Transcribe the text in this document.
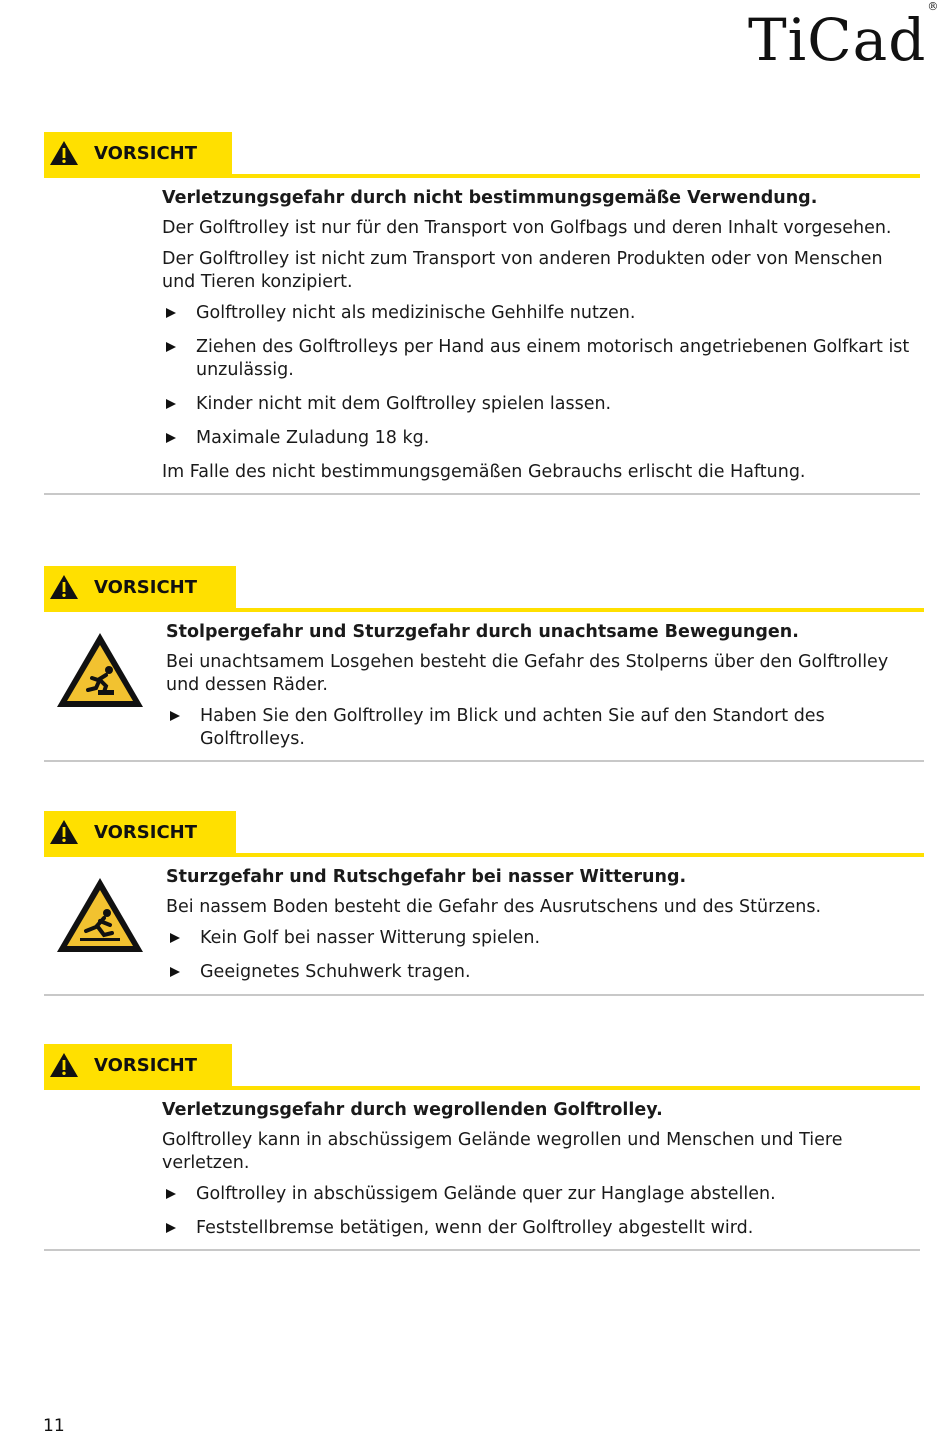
TiCad®
VORSICHT

Verletzungsgefahr durch nicht bestimmungsgemäße Verwendung.

Der Golftrolley ist nur für den Transport von Golfbags und deren Inhalt vorgesehen.

Der Golftrolley ist nicht zum Transport von anderen Produkten oder von Menschen und Tieren konzipiert.

Golftrolley nicht als medizinische Gehhilfe nutzen.
Ziehen des Golftrolleys per Hand aus einem motorisch angetriebenen Golfkart ist unzulässig.
Kinder nicht mit dem Golftrolley spielen lassen.
Maximale Zuladung 18 kg.

Im Falle des nicht bestimmungsgemäßen Gebrauchs erlischt die Haftung.

VORSICHT

Stolpergefahr und Sturzgefahr durch unachtsame Bewegungen.

Bei unachtsamem Losgehen besteht die Gefahr des Stolperns über den Golftrolley und dessen Räder.

Haben Sie den Golftrolley im Blick und achten Sie auf den Standort des Golftrolleys.
VORSICHT

Sturzgefahr und Rutschgefahr bei nasser Witterung.

Bei nassem Boden besteht die Gefahr des Ausrutschens und des Stürzens.

Kein Golf bei nasser Witterung spielen.
Geeignetes Schuhwerk tragen.
VORSICHT

Verletzungsgefahr durch wegrollenden Golftrolley.

Golftrolley kann in abschüssigem Gelände wegrollen und Menschen und Tiere verletzen.

Golftrolley in abschüssigem Gelände quer zur Hanglage abstellen.
Feststellbremse betätigen, wenn der Golftrolley abgestellt wird.
11
